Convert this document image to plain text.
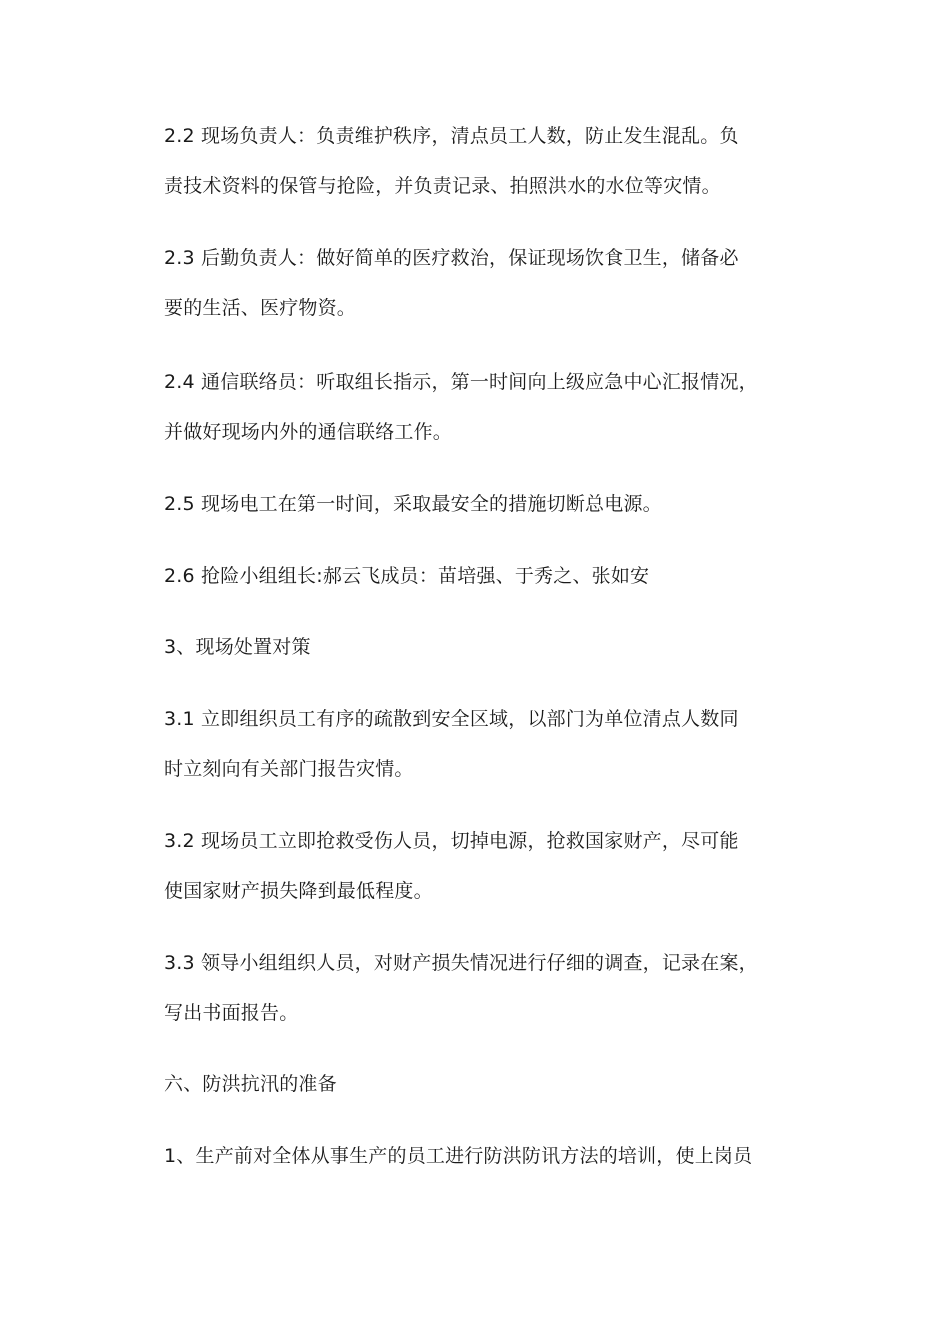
2.2 现场负责人：负责维护秩序，清点员工人数，防止发生混乱。负
责技术资料的保管与抢险，并负责记录、拍照洪水的水位等灾情。
2.3 后勤负责人：做好简单的医疗救治，保证现场饮食卫生，储备必
要的生活、医疗物资。
2.4 通信联络员：听取组长指示，第一时间向上级应急中心汇报情况，
并做好现场内外的通信联络工作。
2.5 现场电工在第一时间，采取最安全的措施切断总电源。
2.6 抢险小组组长:郝云飞成员：苗培强、于秀之、张如安
3、现场处置对策
3.1 立即组织员工有序的疏散到安全区域，以部门为单位清点人数同
时立刻向有关部门报告灾情。
3.2 现场员工立即抢救受伤人员，切掉电源，抢救国家财产，尽可能
使国家财产损失降到最低程度。
3.3 领导小组组织人员，对财产损失情况进行仔细的调查，记录在案，
写出书面报告。
六、防洪抗汛的准备
1、生产前对全体从事生产的员工进行防洪防讯方法的培训，使上岗员
